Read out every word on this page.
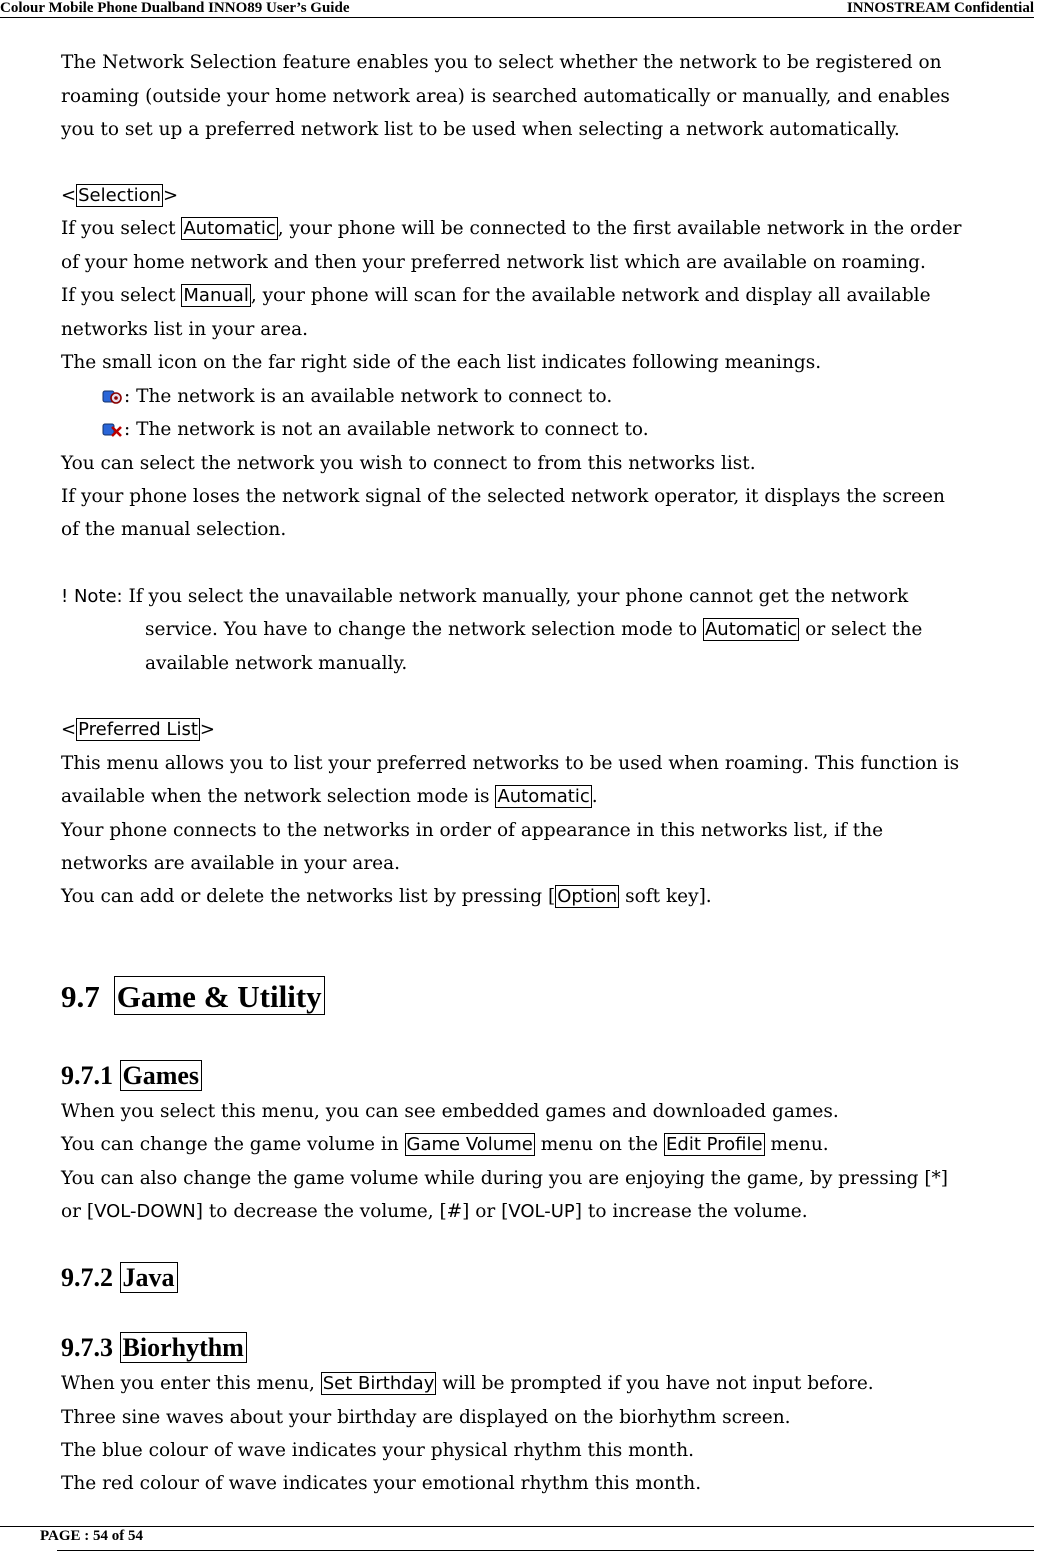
Colour Mobile Phone Dualband INNO89 User’s Guide	INNOSTREAM Confidential
The Network Selection feature enables you to select whether the network to be registered on
roaming (outside your home network area) is searched automatically or manually, and enables
you to set up a preferred network list to be used when selecting a network automatically.
< Selection >
If you select Automatic , your phone will be connected to the first available network in the order
of your home network and then your preferred network list which are available on roaming.
If you select Manual , your phone will scan for the available network and display all available
networks list in your area.
The small icon on the far right side of the each list indicates following meanings.
: The network is an available network to connect to.
: The network is not an available network to connect to.
You can select the network you wish to connect to from this networks list.
If your phone loses the network signal of the selected network operator, it displays the screen
of the manual selection.
! Note: If you select the unavailable network manually, your phone cannot get the network
service. You have to change the network selection mode to Automatic or select the
available network manually.
< Preferred List >
This menu allows you to list your preferred networks to be used when roaming. This function is
available when the network selection mode is Automatic .
Your phone connects to the networks in order of appearance in this networks list, if the
networks are available in your area.
You can add or delete the networks list by pressing [ Option soft key].
9.7 Game & Utility
9.7.1 Games
When you select this menu, you can see embedded games and downloaded games.
You can change the game volume in Game Volume menu on the Edit Profile menu.
You can also change the game volume while during you are enjoying the game, by pressing [*]
or [VOL-DOWN] to decrease the volume, [#] or [VOL-UP] to increase the volume.
9.7.2 Java
9.7.3 Biorhythm
When you enter this menu, Set Birthday will be prompted if you have not input before.
Three sine waves about your birthday are displayed on the biorhythm screen.
The blue colour of wave indicates your physical rhythm this month.
The red colour of wave indicates your emotional rhythm this month.
PAGE : 54 of 54
